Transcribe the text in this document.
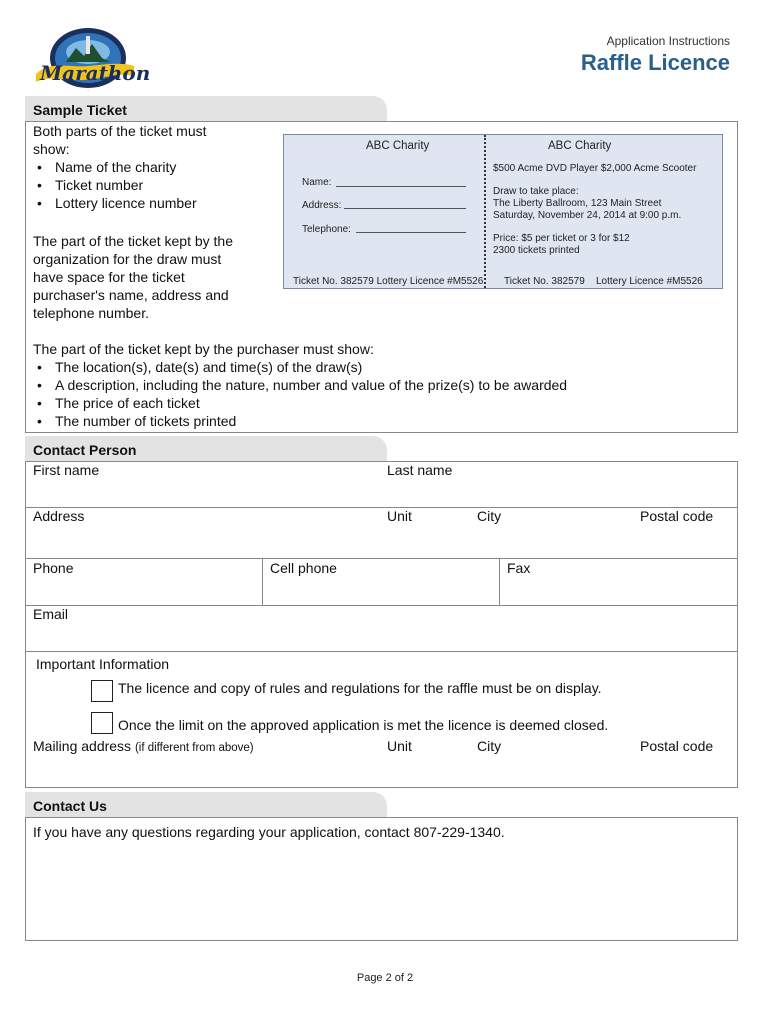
Marathon
·
Application Instructions
Raffle Licence
Sample Ticket
Both parts of the ticket must
show:
• Name of the charity
• Ticket number
• Lottery licence number
The part of the ticket kept by the
organization for the draw must
have space for the ticket
purchaser's name, address and
telephone number.
ABC Charity
Name:
Address:
Telephone:
Ticket No. 382579 Lottery Licence #M5526
ABC Charity
$500 Acme DVD Player $2,000 Acme Scooter
Draw to take place:
The Liberty Ballroom, 123 Main Street
Saturday, November 24, 2014 at 9:00 p.m.
Price: $5 per ticket or 3 for $12
2300 tickets printed
Ticket No. 382579 Lottery Licence #M5526
The part of the ticket kept by the purchaser must show:
• The location(s), date(s) and time(s) of the draw(s)
• A description, including the nature, number and value of the prize(s) to be awarded
• The price of each ticket
• The number of tickets printed
Contact Person
First name	Last name
Address	Unit	City	Postal code
Phone	Cell phone	Fax
Email
Important Information
The licence and copy of rules and regulations for the raffle must be on display.
Once the limit on the approved application is met the licence is deemed closed.
Mailing address (if different from above)	Unit	City	Postal code
Contact Us
If you have any questions regarding your application, contact 807-229-1340.
Page 2 of 2
